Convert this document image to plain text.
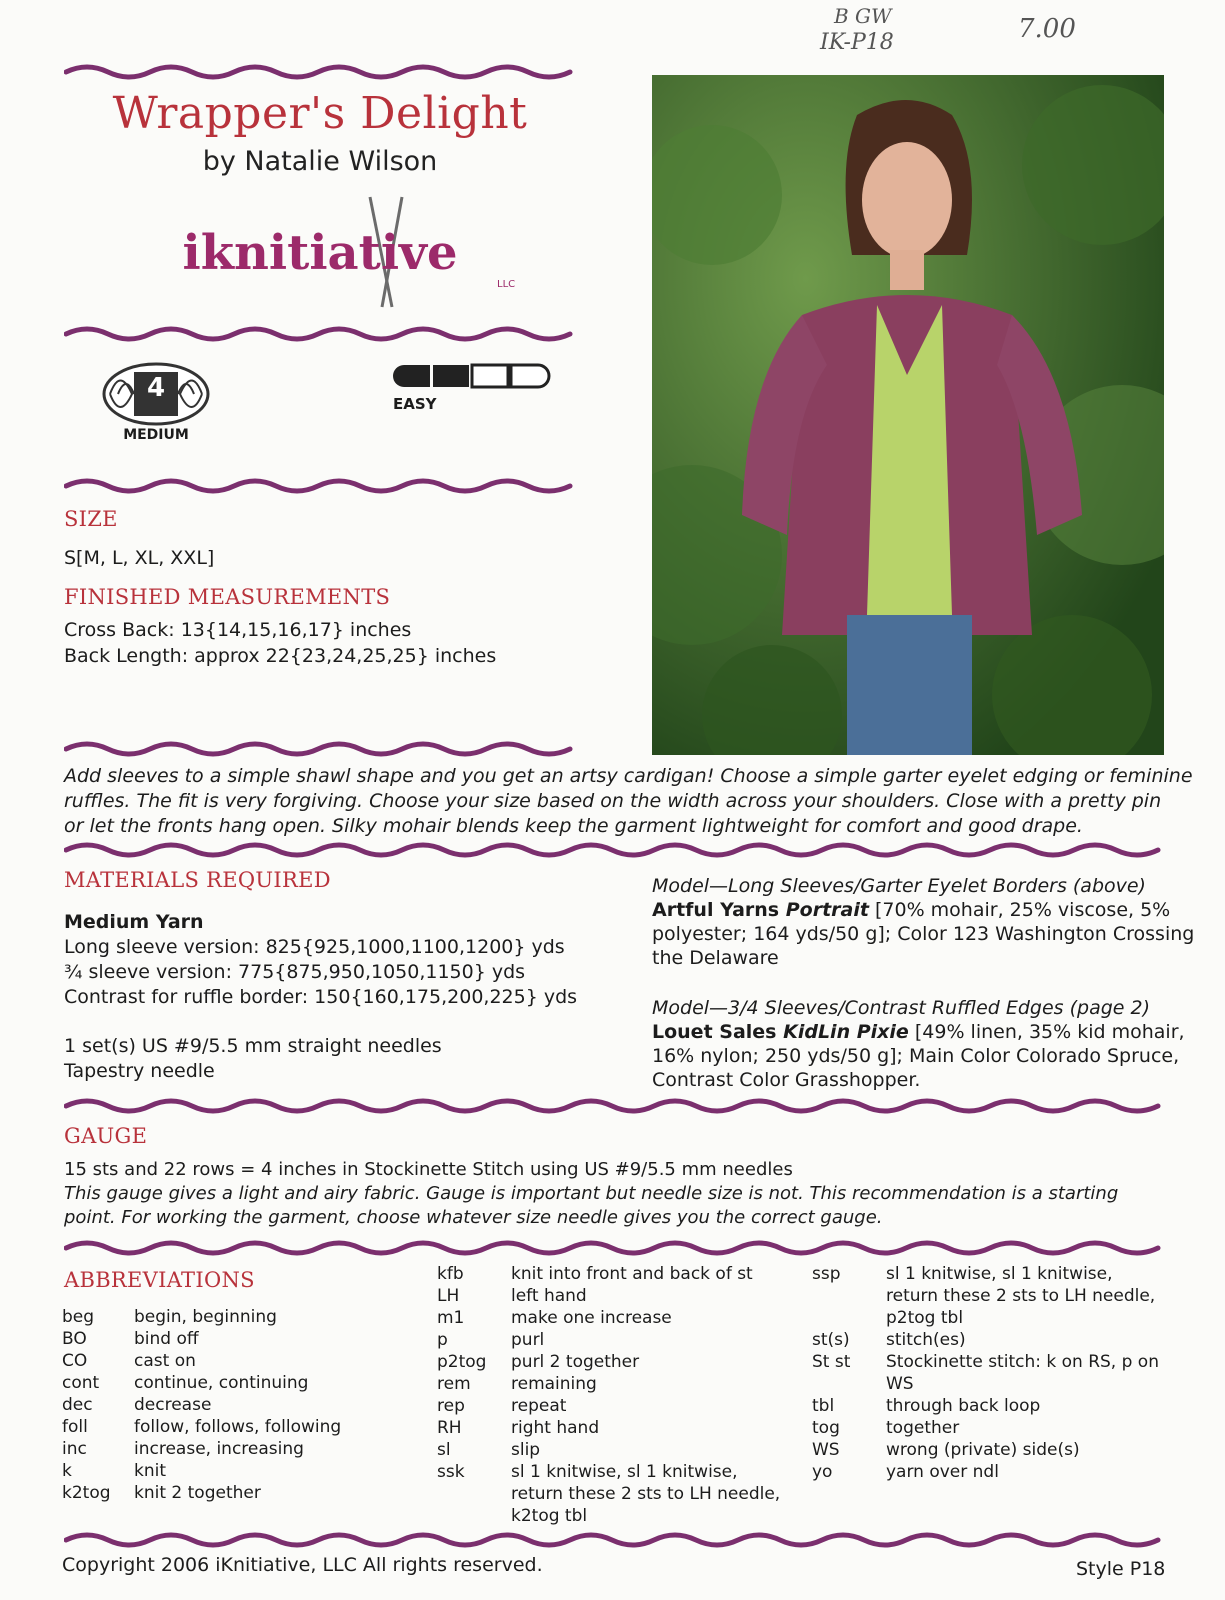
B GW
IK-P18	7.00
Wrapper's Delight
by Natalie Wilson
iknitiative
LLC
4
MEDIUM
EASY
SIZE
S[M, L, XL, XXL]
FINISHED MEASUREMENTS
Cross Back: 13{14,15,16,17} inches
Back Length: approx 22{23,24,25,25} inches
Add sleeves to a simple shawl shape and you get an artsy cardigan! Choose a simple garter eyelet edging or feminine
ruffles. The fit is very forgiving. Choose your size based on the width across your shoulders. Close with a pretty pin
or let the fronts hang open. Silky mohair blends keep the garment lightweight for comfort and good drape.
MATERIALS REQUIRED
Medium Yarn
Long sleeve version: 825{925,1000,1100,1200} yds
¾ sleeve version: 775{875,950,1050,1150} yds
Contrast for ruffle border: 150{160,175,200,225} yds
1 set(s) US #9/5.5 mm straight needles
Tapestry needle
Model—Long Sleeves/Garter Eyelet Borders (above)
Artful Yarns Portrait [70% mohair, 25% viscose, 5%
polyester; 164 yds/50 g]; Color 123 Washington Crossing
the Delaware
Model—3/4 Sleeves/Contrast Ruffled Edges (page 2)
Louet Sales KidLin Pixie [49% linen, 35% kid mohair,
16% nylon; 250 yds/50 g]; Main Color Colorado Spruce,
Contrast Color Grasshopper.
GAUGE
15 sts and 22 rows = 4 inches in Stockinette Stitch using US #9/5.5 mm needles
This gauge gives a light and airy fabric. Gauge is important but needle size is not. This recommendation is a starting
point. For working the garment, choose whatever size needle gives you the correct gauge.
ABBREVIATIONS
beg	begin, beginning
BO	bind off
CO	cast on
cont	continue, continuing
dec	decrease
foll	follow, follows, following
inc	increase, increasing
k	knit
k2tog	knit 2 together
kfb	knit into front and back of st
LH	left hand
m1	make one increase
p	purl
p2tog	purl 2 together
rem	remaining
rep	repeat
RH	right hand
sl	slip
ssk	sl 1 knitwise, sl 1 knitwise,
return these 2 sts to LH needle,
k2tog tbl
ssp	sl 1 knitwise, sl 1 knitwise,
return these 2 sts to LH needle,
p2tog tbl
st(s)	stitch(es)
St st	Stockinette stitch: k on RS, p on
WS
tbl	through back loop
tog	together
WS	wrong (private) side(s)
yo	yarn over ndl
Copyright 2006 iKnitiative, LLC All rights reserved.	Style P18
